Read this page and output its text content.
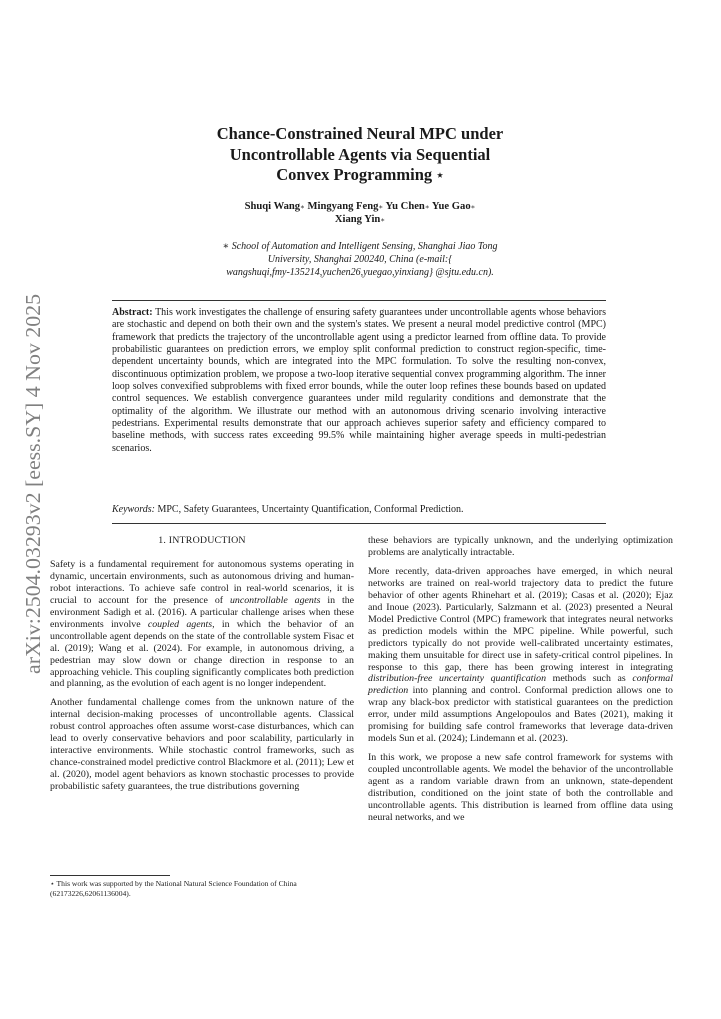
arXiv:2504.03293v2 [eess.SY] 4 Nov 2025
Chance-Constrained Neural MPC under
Uncontrollable Agents via Sequential
Convex Programming ⋆
Shuqi Wang∗ Mingyang Feng∗ Yu Chen∗ Yue Gao∗
Xiang Yin∗
∗ School of Automation and Intelligent Sensing, Shanghai Jiao Tong
University, Shanghai 200240, China (e-mail:{
wangshuqi,fmy-135214,yuchen26,yuegao,yinxiang} @sjtu.edu.cn).
Abstract: This work investigates the challenge of ensuring safety guarantees under uncontrollable agents whose behaviors are stochastic and depend on both their own and the system's states. We present a neural model predictive control (MPC) framework that predicts the trajectory of the uncontrollable agent using a predictor learned from offline data. To provide probabilistic guarantees on prediction errors, we employ split conformal prediction to construct region-specific, time-dependent uncertainty bounds, which are integrated into the MPC formulation. To solve the resulting non-convex, discontinuous optimization problem, we propose a two-loop iterative sequential convex programming algorithm. The inner loop solves convexified subproblems with fixed error bounds, while the outer loop refines these bounds based on updated control sequences. We establish convergence guarantees under mild regularity conditions and demonstrate that the optimality of the algorithm. We illustrate our method with an autonomous driving scenario involving interactive pedestrians. Experimental results demonstrate that our approach achieves superior safety and efficiency compared to baseline methods, with success rates exceeding 99.5% while maintaining higher average speeds in multi-pedestrian scenarios.
Keywords: MPC, Safety Guarantees, Uncertainty Quantification, Conformal Prediction.
1. INTRODUCTION

Safety is a fundamental requirement for autonomous systems operating in dynamic, uncertain environments, such as autonomous driving and human-robot interactions. To achieve safe control in real-world scenarios, it is crucial to account for the presence of uncontrollable agents in the environment Sadigh et al. (2016). A particular challenge arises when these environments involve coupled agents, in which the behavior of an uncontrollable agent depends on the state of the controllable system Fisac et al. (2019); Wang et al. (2024). For example, in autonomous driving, a pedestrian may slow down or change direction in response to an approaching vehicle. This coupling significantly complicates both prediction and planning, as the evolution of each agent is no longer independent.

Another fundamental challenge comes from the unknown nature of the internal decision-making processes of uncontrollable agents. Classical robust control approaches often assume worst-case disturbances, which can lead to overly conservative behaviors and poor scalability, particularly in interactive environments. While stochastic control frameworks, such as chance-constrained model predictive control Blackmore et al. (2011); Lew et al. (2020), model agent behaviors as known stochastic processes to provide probabilistic safety guarantees, the true distributions governing

these behaviors are typically unknown, and the underlying optimization problems are analytically intractable.

More recently, data-driven approaches have emerged, in which neural networks are trained on real-world trajectory data to predict the future behavior of other agents Rhinehart et al. (2019); Casas et al. (2020); Ejaz and Inoue (2023). Particularly, Salzmann et al. (2023) presented a Neural Model Predictive Control (MPC) framework that integrates neural networks as prediction models within the MPC pipeline. While powerful, such predictors typically do not provide well-calibrated uncertainty estimates, making them unsuitable for direct use in safety-critical control pipelines. In response to this gap, there has been growing interest in integrating distribution-free uncertainty quantification methods such as conformal prediction into planning and control. Conformal prediction allows one to wrap any black-box predictor with statistical guarantees on the prediction error, under mild assumptions Angelopoulos and Bates (2021), making it promising for building safe control frameworks that leverage data-driven models Sun et al. (2024); Lindemann et al. (2023).

In this work, we propose a new safe control framework for systems with coupled uncontrollable agents. We model the behavior of the uncontrollable agent as a random variable drawn from an unknown, state-dependent distribution, conditioned on the joint state of both the controllable and uncontrollable agents. This distribution is learned from offline data using neural networks, and we

⋆ This work was supported by the National Natural Science Foundation of China (62173226,62061136004).
